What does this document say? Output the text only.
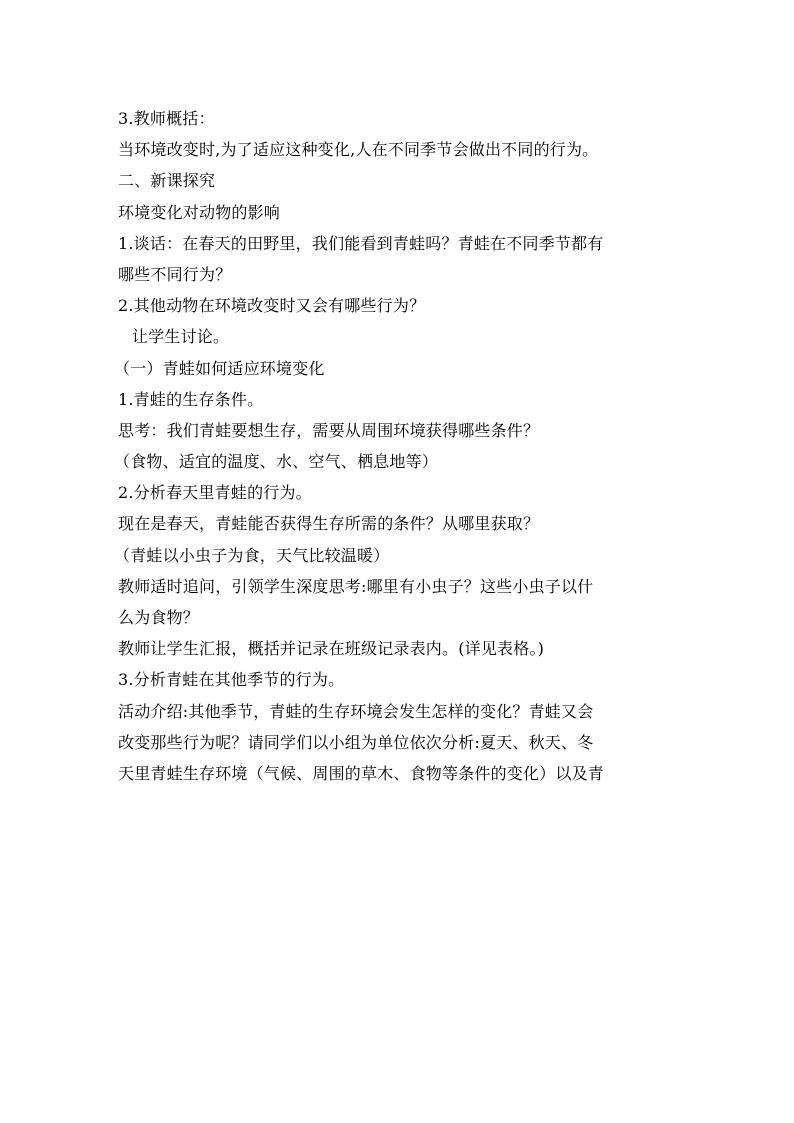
3.教师概括：
当环境改变时,为了适应这种变化,人在不同季节会做出不同的行为。
二、新课探究
环境变化对动物的影响
1.谈话：在春天的田野里，我们能看到青蛙吗？青蛙在不同季节都有
哪些不同行为？
2.其他动物在环境改变时又会有哪些行为？
让学生讨论。
（一）青蛙如何适应环境变化
1.青蛙的生存条件。
思考：我们青蛙要想生存，需要从周围环境获得哪些条件？
（食物、适宜的温度、水、空气、栖息地等）
2.分析春天里青蛙的行为。
现在是春天，青蛙能否获得生存所需的条件？从哪里获取？
（青蛙以小虫子为食，天气比较温暖）
教师适时追问，引领学生深度思考:哪里有小虫子？这些小虫子以什
么为食物？
教师让学生汇报，概括并记录在班级记录表内。(详见表格。)
3.分析青蛙在其他季节的行为。
活动介绍:其他季节，青蛙的生存环境会发生怎样的变化？青蛙又会
改变那些行为呢？请同学们以小组为单位依次分析:夏天、秋天、冬
天里青蛙生存环境（气候、周围的草木、食物等条件的变化）以及青
